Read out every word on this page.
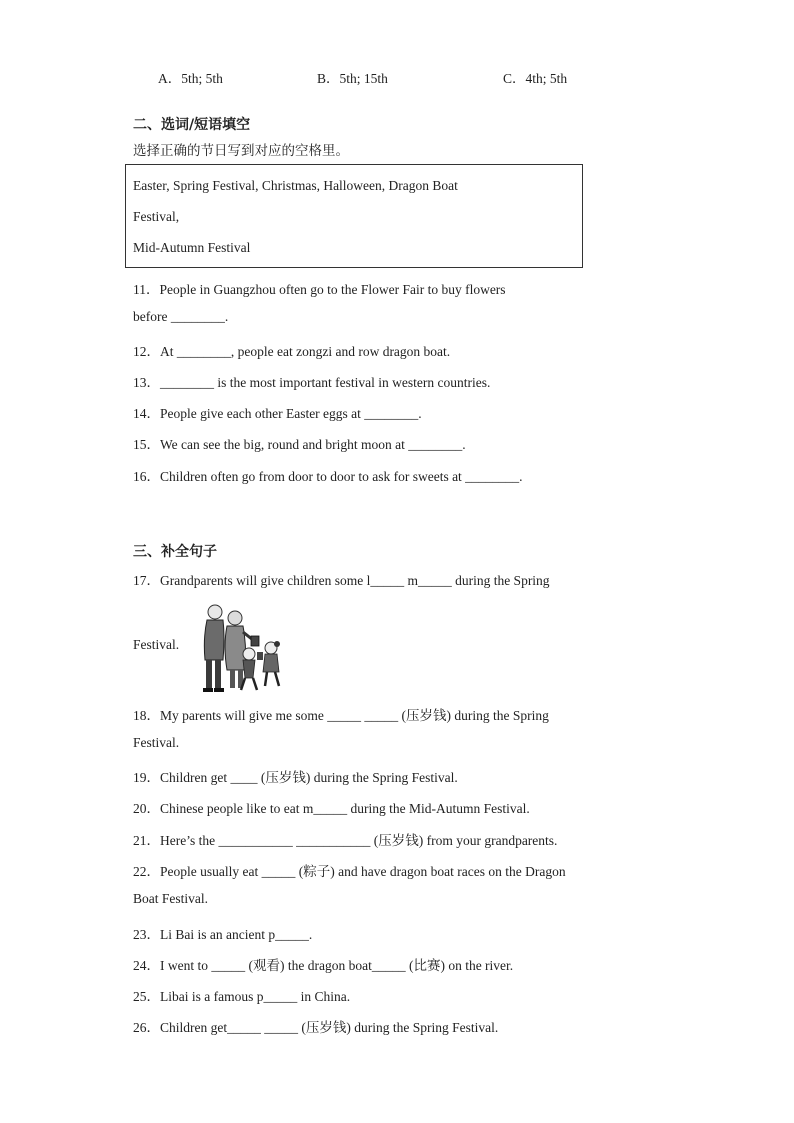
A．5th; 5th	B．5th; 15th	C．4th; 5th
二、选词/短语填空
选择正确的节日写到对应的空格里。
Easter, Spring Festival, Christmas, Halloween, Dragon Boat
Festival,
Mid-Autumn Festival
11．People in Guangzhou often go to the Flower Fair to buy flowers
before ________.
12．At ________, people eat zongzi and row dragon boat.
13．________ is the most important festival in western countries.
14．People give each other Easter eggs at ________.
15．We can see the big, round and bright moon at ________.
16．Children often go from door to door to ask for sweets at ________.
三、补全句子
17．Grandparents will give children some l_____ m_____ during the Spring
Festival.
18．My parents will give me some _____ _____ (压岁钱) during the Spring
Festival.
19．Children get ____ (压岁钱) during the Spring Festival.
20．Chinese people like to eat m_____ during the Mid-Autumn Festival.
21．Here’s the ___________ ___________ (压岁钱) from your grandparents.
22．People usually eat _____ (粽子) and have dragon boat races on the Dragon
Boat Festival.
23．Li Bai is an ancient p_____.
24．I went to _____ (观看) the dragon boat_____ (比赛) on the river.
25．Libai is a famous p_____ in China.
26．Children get_____ _____ (压岁钱) during the Spring Festival.
